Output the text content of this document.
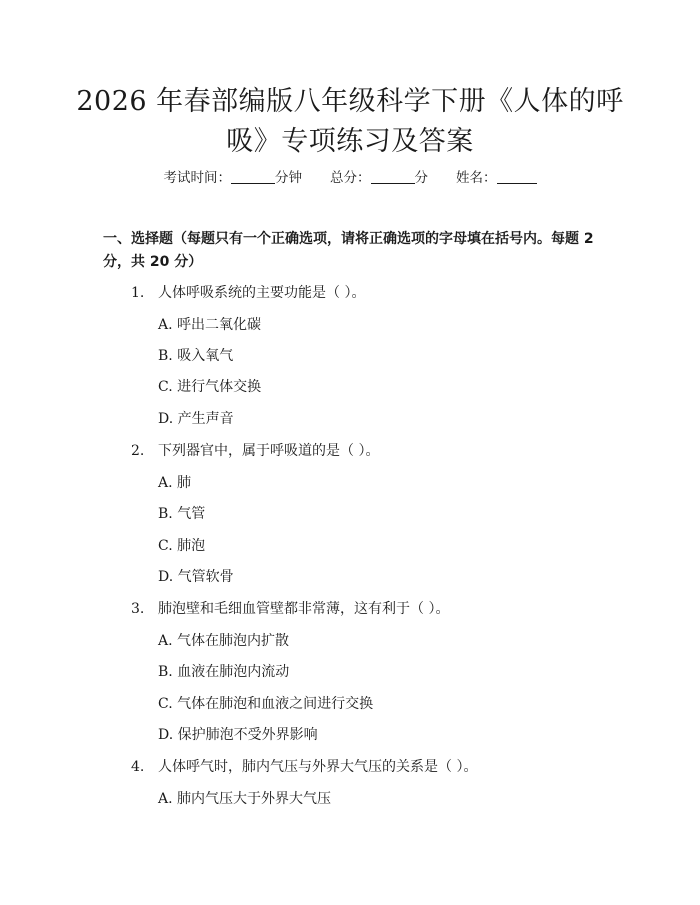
2026 年春部编版八年级科学下册《人体的呼吸》专项练习及答案
考试时间：	分钟 总分：	分 姓名：
一、选择题（每题只有一个正确选项，请将正确选项的字母填在括号内。每题 2 分，共 20 分）
1. 人体呼吸系统的主要功能是（ ）。
A. 呼出二氧化碳
B. 吸入氧气
C. 进行气体交换
D. 产生声音
2. 下列器官中，属于呼吸道的是（ ）。
A. 肺
B. 气管
C. 肺泡
D. 气管软骨
3. 肺泡壁和毛细血管壁都非常薄，这有利于（ ）。
A. 气体在肺泡内扩散
B. 血液在肺泡内流动
C. 气体在肺泡和血液之间进行交换
D. 保护肺泡不受外界影响
4. 人体呼气时，肺内气压与外界大气压的关系是（ ）。
A. 肺内气压大于外界大气压
